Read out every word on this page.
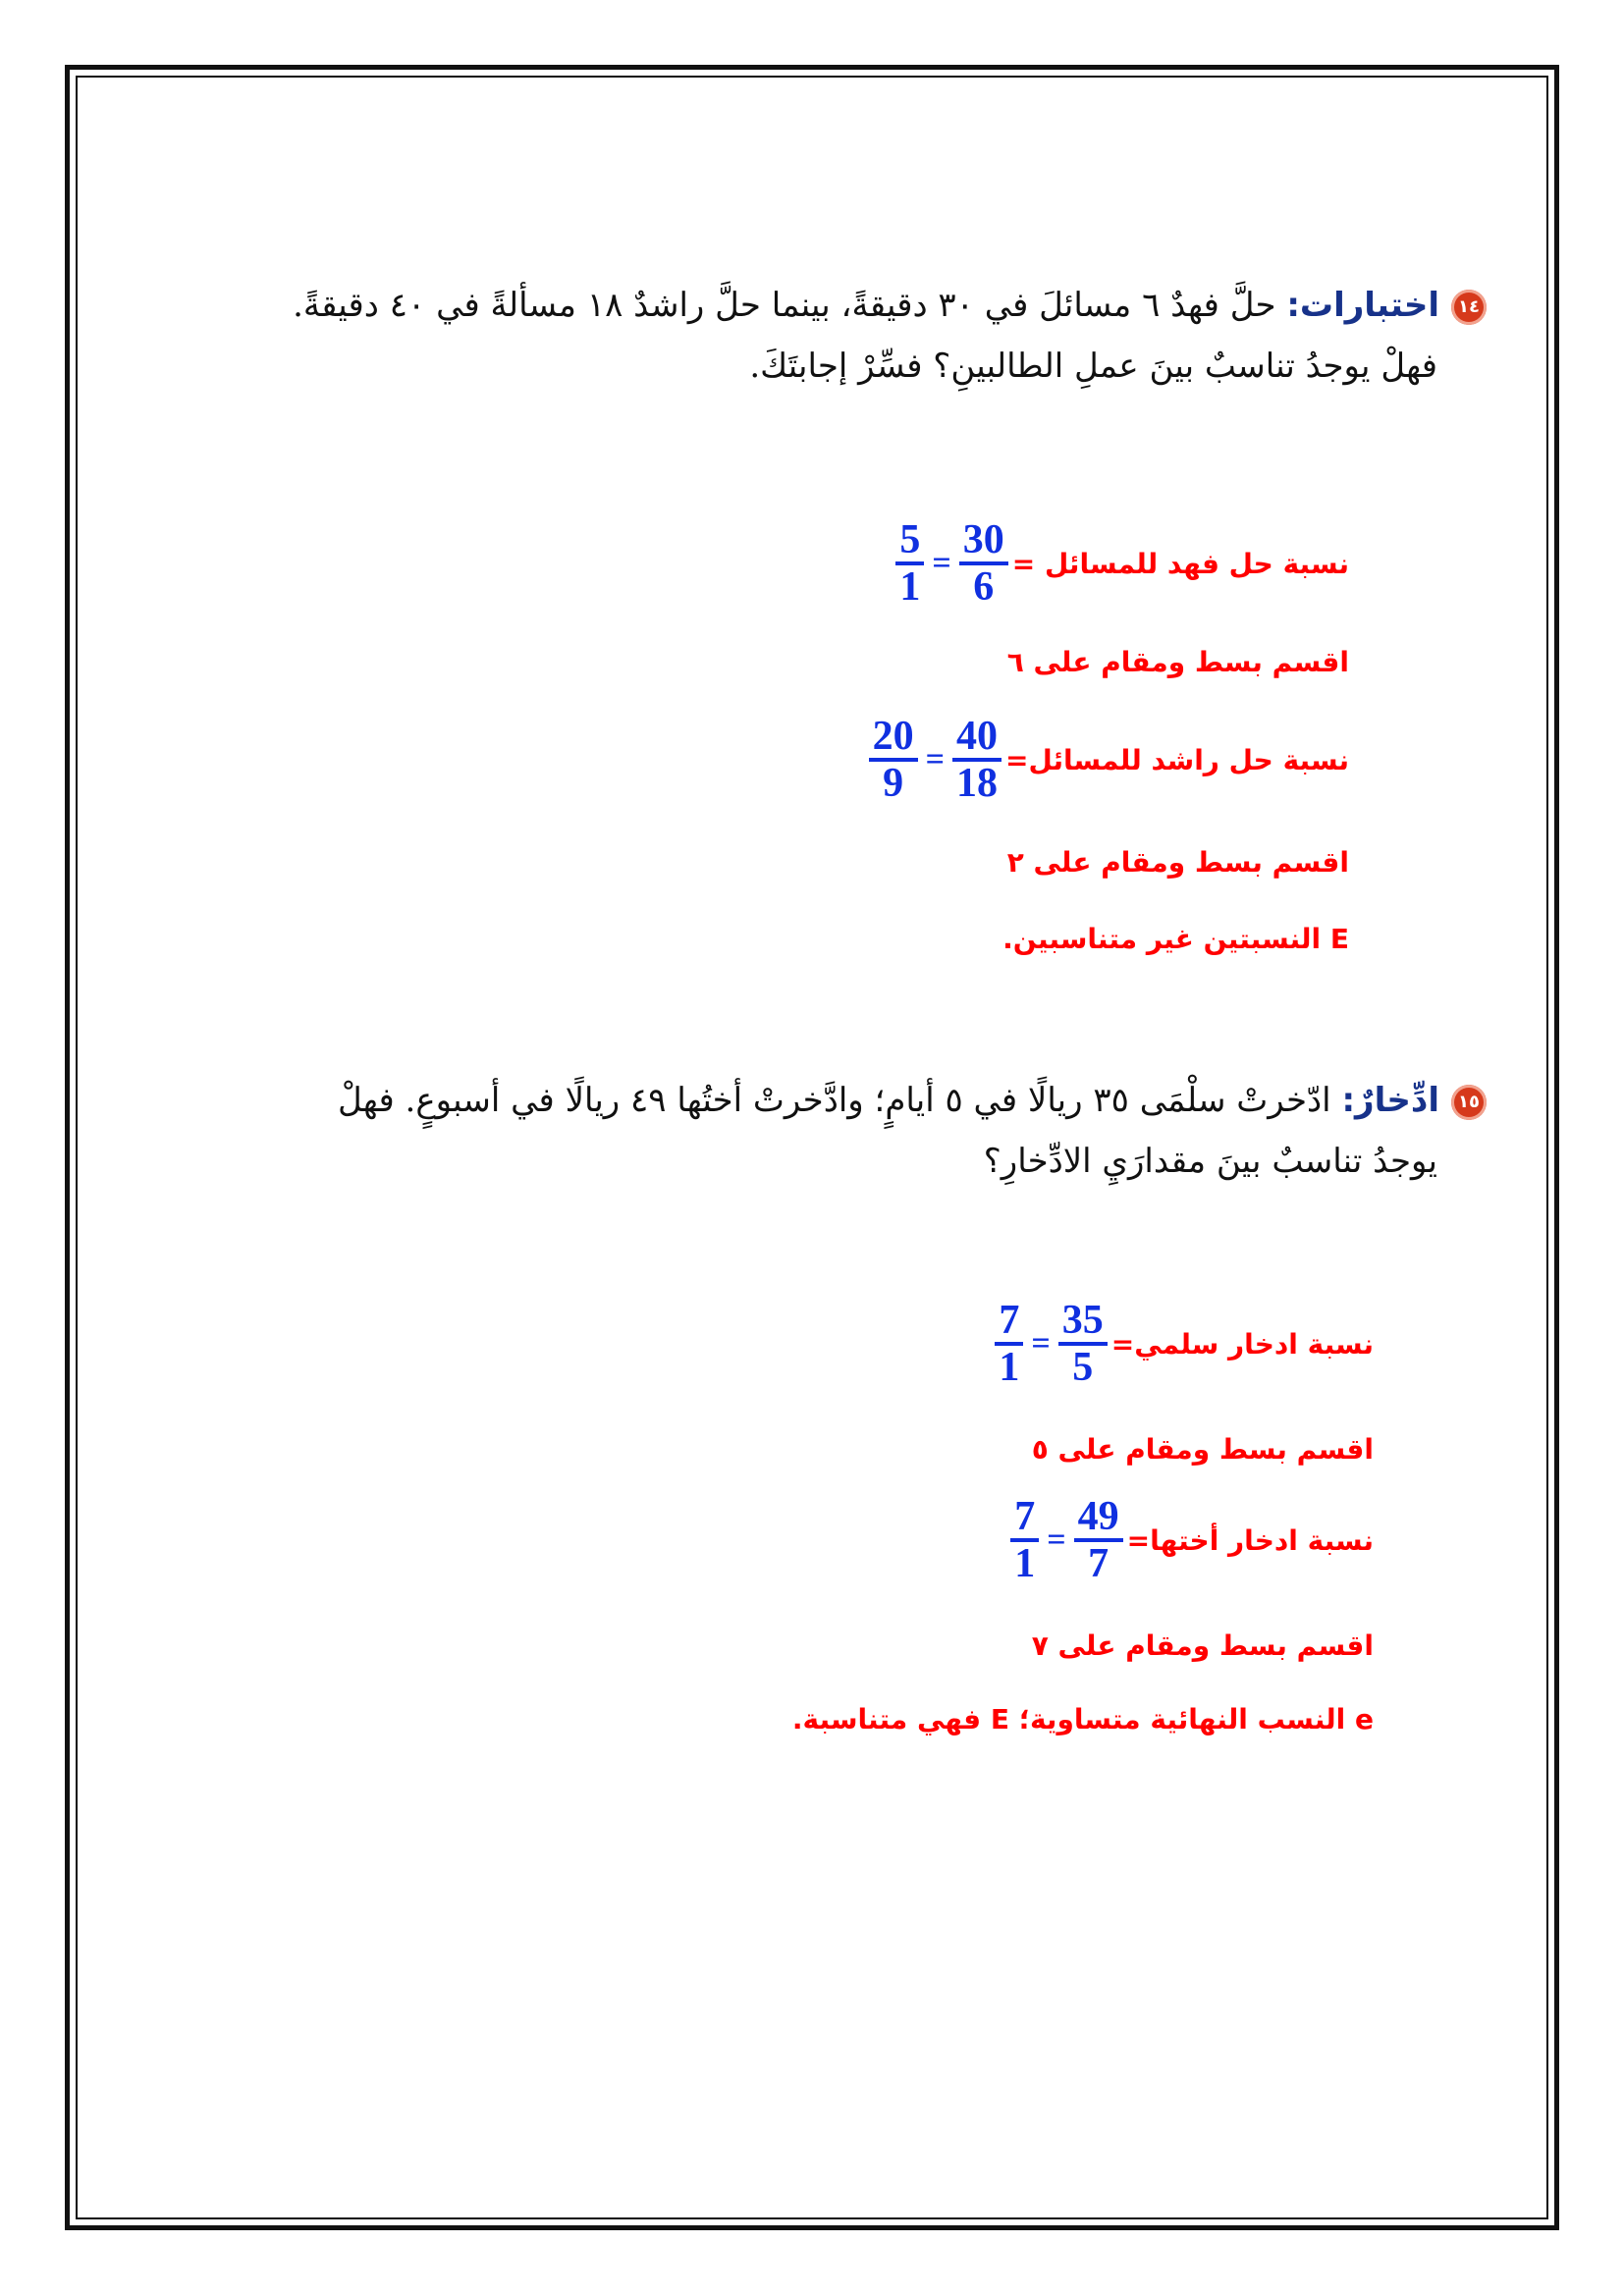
١٤اختبارات: حلَّ فهدٌ ٦ مسائلَ في ٣٠ دقيقةً، بينما حلَّ راشدٌ ١٨ مسألةً في ٤٠ دقيقةً.
فهلْ يوجدُ تناسبٌ بينَ عملِ الطالبينِ؟ فسِّرْ إجابتَكَ.
نسبة حل فهد للمسائل =
$\frac{30}{6}$
=
$\frac{5}{1}$
اقسم بسط ومقام على ٦
نسبة حل راشد للمسائل=
$\frac{40}{18}$
=
$\frac{20}{9}$
اقسم بسط ومقام على ٢
E النسبتين غير متناسبين.
١٥ادِّخارٌ: ادّخرتْ سلْمَى ٣٥ ريالًا في ٥ أيامٍ؛ وادَّخرتْ أختُها ٤٩ ريالًا في أسبوعٍ. فهلْ
يوجدُ تناسبٌ بينَ مقدارَيِ الادِّخارِ؟
نسبة ادخار سلمي=
$\frac{35}{5}$
=
$\frac{7}{1}$
اقسم بسط ومقام على ٥
نسبة ادخار أختها=
$\frac{49}{7}$
=
$\frac{7}{1}$
اقسم بسط ومقام على ٧
e النسب النهائية متساوية؛ E فهي متناسبة.
